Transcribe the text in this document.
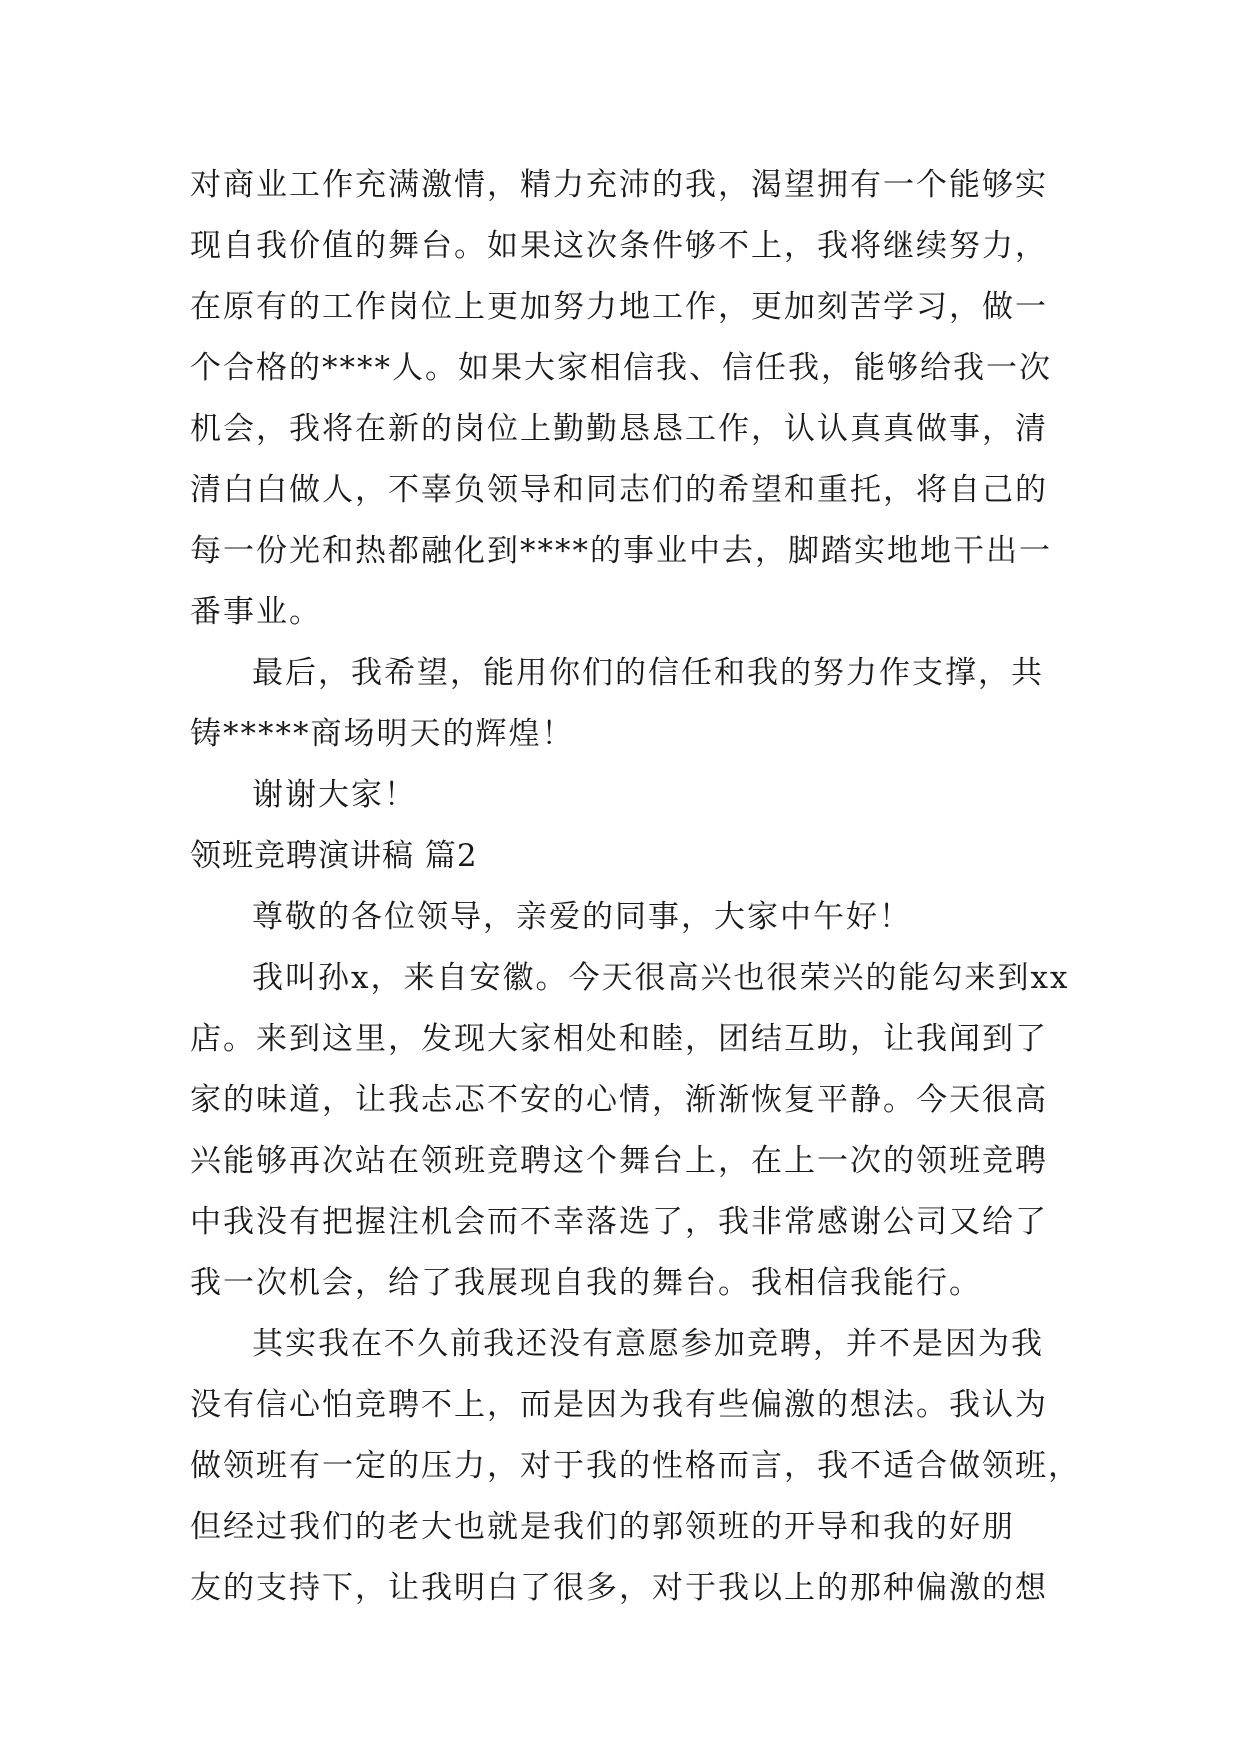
对商业工作充满激情，精力充沛的我，渴望拥有一个能够实
现自我价值的舞台。如果这次条件够不上，我将继续努力，
在原有的工作岗位上更加努力地工作，更加刻苦学习，做一
个合格的****人。如果大家相信我、信任我，能够给我一次
机会，我将在新的岗位上勤勤恳恳工作，认认真真做事，清
清白白做人，不辜负领导和同志们的希望和重托，将自己的
每一份光和热都融化到****的事业中去，脚踏实地地干出一
番事业。
最后，我希望，能用你们的信任和我的努力作支撑，共
铸*****商场明天的辉煌！
谢谢大家！
领班竞聘演讲稿 篇2
尊敬的各位领导，亲爱的同事，大家中午好！
我叫孙x，来自安徽。今天很高兴也很荣兴的能勾来到xx
店。来到这里，发现大家相处和睦，团结互助，让我闻到了
家的味道，让我忐忑不安的心情，渐渐恢复平静。今天很高
兴能够再次站在领班竞聘这个舞台上，在上一次的领班竞聘
中我没有把握注机会而不幸落选了，我非常感谢公司又给了
我一次机会，给了我展现自我的舞台。我相信我能行。
其实我在不久前我还没有意愿参加竞聘，并不是因为我
没有信心怕竞聘不上，而是因为我有些偏激的想法。我认为
做领班有一定的压力，对于我的性格而言，我不适合做领班，
但经过我们的老大也就是我们的郭领班的开导和我的好朋
友的支持下，让我明白了很多，对于我以上的那种偏激的想
